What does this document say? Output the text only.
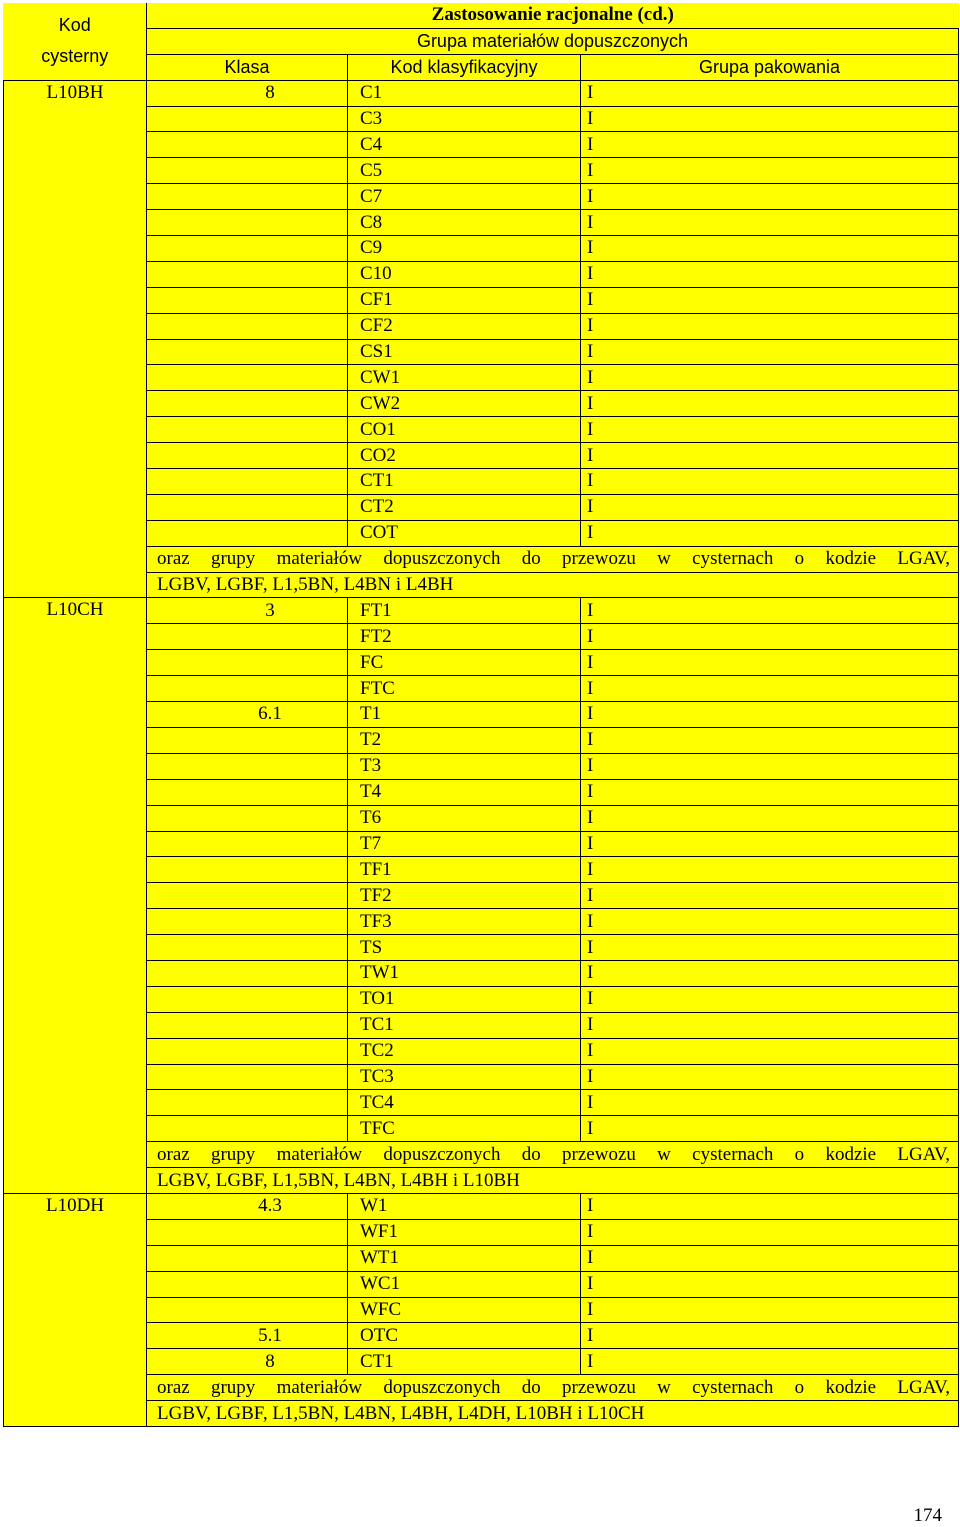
Kod
cysterny	Zastosowanie racjonalne (cd.)		
	Grupa materiałów dopuszczonych		
	Klasa	Kod klasyfikacyjny	Grupa pakowania
L10BH	8	C1	I
		C3	I
		C4	I
		C5	I
		C7	I
		C8	I
		C9	I
		C10	I
		CF1	I
		CF2	I
		CS1	I
		CW1	I
		CW2	I
		CO1	I
		CO2	I
		CT1	I
		CT2	I
		COT	I
	oraz grupy materiałów dopuszczonych do przewozu w cysternach o kodzie LGAV,		
	LGBV, LGBF, L1,5BN, L4BN i L4BH		
L10CH	3	FT1	I
		FT2	I
		FC	I
		FTC	I
	6.1	T1	I
		T2	I
		T3	I
		T4	I
		T6	I
		T7	I
		TF1	I
		TF2	I
		TF3	I
		TS	I
		TW1	I
		TO1	I
		TC1	I
		TC2	I
		TC3	I
		TC4	I
		TFC	I
	oraz grupy materiałów dopuszczonych do przewozu w cysternach o kodzie LGAV,		
	LGBV, LGBF, L1,5BN, L4BN, L4BH i L10BH		
L10DH	4.3	W1	I
		WF1	I
		WT1	I
		WC1	I
		WFC	I
	5.1	OTC	I
	8	CT1	I
	oraz grupy materiałów dopuszczonych do przewozu w cysternach o kodzie LGAV,		
	LGBV, LGBF, L1,5BN, L4BN, L4BH, L4DH, L10BH i L10CH		
174
